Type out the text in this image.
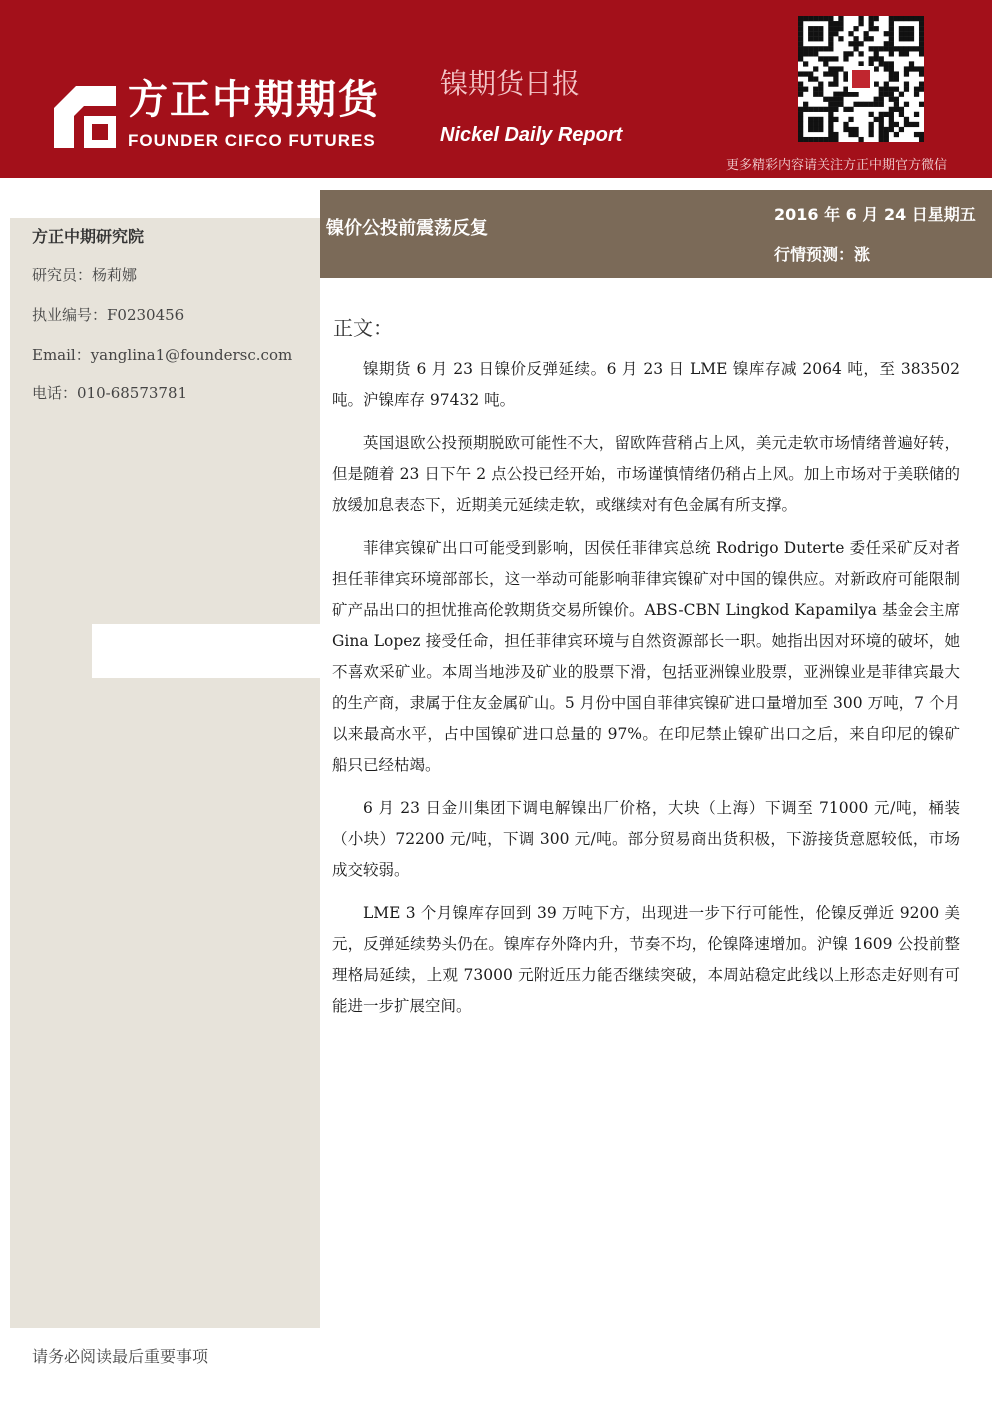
方正中期期货
FOUNDER CIFCO FUTURES
镍期货日报
Nickel Daily Report
更多精彩内容请关注方正中期官方微信
方正中期研究院
研究员：杨莉娜
执业编号：F0230456
Email：yanglina1@foundersc.com
电话：010-68573781
镍价公投前震荡反复
2016 年 6 月 24 日星期五
行情预测：涨
正文：

镍期货 6 月 23 日镍价反弹延续。6 月 23 日 LME 镍库存减 2064 吨，至 383502 吨。沪镍库存 97432 吨。

英国退欧公投预期脱欧可能性不大，留欧阵营稍占上风，美元走软市场情绪普遍好转，但是随着 23 日下午 2 点公投已经开始，市场谨慎情绪仍稍占上风。加上市场对于美联储的放缓加息表态下，近期美元延续走软，或继续对有色金属有所支撑。

菲律宾镍矿出口可能受到影响，因侯任菲律宾总统 Rodrigo Duterte 委任采矿反对者担任菲律宾环境部部长，这一举动可能影响菲律宾镍矿对中国的镍供应。对新政府可能限制矿产品出口的担忧推高伦敦期货交易所镍价。ABS-CBN Lingkod Kapamilya 基金会主席 Gina Lopez 接受任命，担任菲律宾环境与自然资源部长一职。她指出因对环境的破坏，她不喜欢采矿业。本周当地涉及矿业的股票下滑，包括亚洲镍业股票，亚洲镍业是菲律宾最大的生产商，隶属于住友金属矿山。5 月份中国自菲律宾镍矿进口量增加至 300 万吨，7 个月以来最高水平，占中国镍矿进口总量的 97%。在印尼禁止镍矿出口之后，来自印尼的镍矿船只已经枯竭。

6 月 23 日金川集团下调电解镍出厂价格，大块（上海）下调至 71000 元/吨，桶装（小块）72200 元/吨，下调 300 元/吨。部分贸易商出货积极，下游接货意愿较低，市场成交较弱。

LME 3 个月镍库存回到 39 万吨下方，出现进一步下行可能性，伦镍反弹近 9200 美元，反弹延续势头仍在。镍库存外降内升，节奏不均，伦镍降速增加。沪镍 1609 公投前整理格局延续，上观 73000 元附近压力能否继续突破，本周站稳定此线以上形态走好则有可能进一步扩展空间。

请务必阅读最后重要事项
